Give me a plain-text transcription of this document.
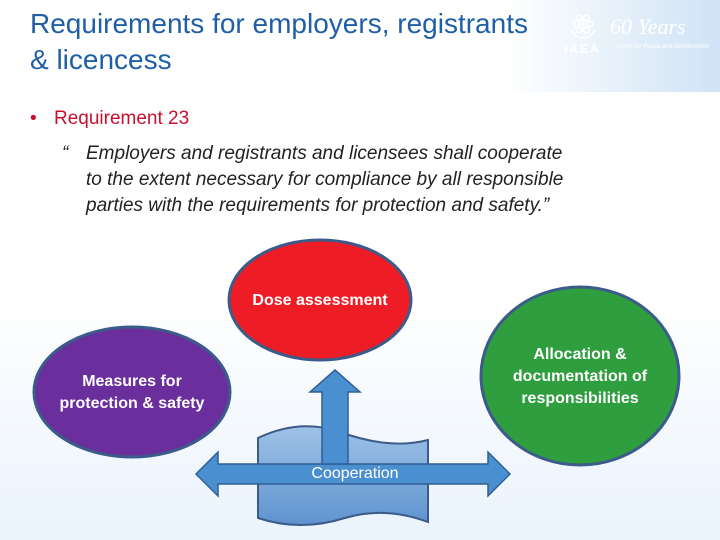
Requirements for employers, registrants & licencess	IAEA
60 Years
Atoms for Peace and Development
• Requirement 23
“ Employers and registrants and licensees shall cooperate
to the extent necessary for compliance by all responsible
parties with the requirements for protection and safety.”
Dose assessment
Measures for protection & safety
Allocation & documentation of responsibilities
Cooperation
